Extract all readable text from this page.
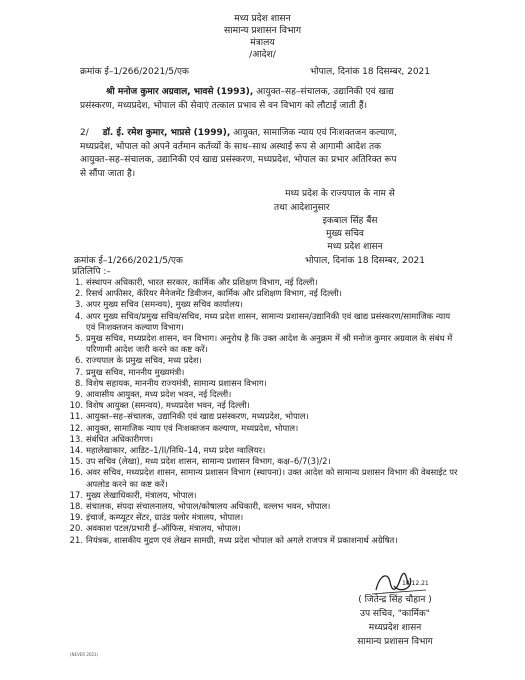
मध्य प्रदेश शासन
सामान्य प्रशासन विभाग
मंत्रालय
/आदेश/
क्रमांक ई–1/266/2021/5/एक	भोपाल, दिनांक 18 दिसम्बर, 2021
श्री मनोज कुमार अग्रवाल, भावसे (1993), आयुक्त–सह–संचालक, उद्यानिकी एवं खाद्य
प्रसंस्करण, मध्यप्रदेश, भोपाल की सेवाएं तत्काल प्रभाव से वन विभाग को लौटाई जाती हैं।
2/ डॉ. ई. रमेश कुमार, भाप्रसे (1999), आयुक्त, सामाजिक न्याय एवं निःशक्तजन कल्याण,
मध्यप्रदेश, भोपाल को अपने वर्तमान कर्तव्यों के साथ–साथ अस्थाई रूप से आगामी आदेश तक
आयुक्त–सह–संचालक, उद्यानिकी एवं खाद्य प्रसंस्करण, मध्यप्रदेश, भोपाल का प्रभार अतिरिक्त रूप
से सौंपा जाता है।
मध्य प्रदेश के राज्यपाल के नाम से
तथा आदेशानुसार
इकबाल सिंह बैंस
मुख्य सचिव
मध्य प्रदेश शासन
क्रमांक ई–1/266/2021/5/एक	भोपाल, दिनांक 18 दिसम्बर, 2021
प्रतिलिपि :–
1. संस्थापन अधिकारी, भारत सरकार, कार्मिक और प्रशिक्षण विभाग, नई दिल्ली।
2. रिसर्च आफीसर, कॅरियर मैनेजमेंट डिवीजन, कार्मिक और प्रशिक्षण विभाग, नई दिल्ली।
3. अपर मुख्य सचिव (समन्वय), मुख्य सचिव कार्यालय।
4. अपर मुख्य सचिव/प्रमुख सचिव/सचिव, मध्य प्रदेश शासन, सामान्य प्रशासन/उद्यानिकी एवं खाद्य प्रसंस्करण/सामाजिक न्याय एवं निःशक्तजन कल्याण विभाग।
5. प्रमुख सचिव, मध्यप्रदेश शासन, वन विभाग। अनुरोध है कि उक्त आदेश के अनुक्रम में श्री मनोज कुमार अग्रवाल के संबंध में परिणामी आदेश जारी करने का कष्ट करें।
6. राज्यपाल के प्रमुख सचिव, मध्य प्रदेश।
7. प्रमुख सचिव, माननीय मुख्यमंत्री।
8. विशेष सहायक, माननीय राज्यमंत्री, सामान्य प्रशासन विभाग।
9. आवासीय आयुक्त, मध्य प्रदेश भवन, नई दिल्ली।
10. विशेष आयुक्त (समन्वय), मध्यप्रदेश भवन, नई दिल्ली।
11. आयुक्त–सह–संचालक, उद्यानिकी एवं खाद्य प्रसंस्करण, मध्यप्रदेश, भोपाल।
12. आयुक्त, सामाजिक न्याय एवं निःशक्तजन कल्याण, मध्यप्रदेश, भोपाल।
13. संबंधित अधिकारीगण।
14. महालेखाकार, आडिट–1/II/निधि–14, मध्य प्रदेश ग्वालियर।
15. उप सचिव (लेखा), मध्य प्रदेश शासन, सामान्य प्रशासन विभाग, कक्ष–6/7(3)/2।
16. अवर सचिव, मध्यप्रदेश शासन, सामान्य प्रशासन विभाग (स्थापना)। उक्त आदेश को सामान्य प्रशासन विभाग की वेबसाईट पर अपलोड करने का कष्ट करें।
17. मुख्य लेखाधिकारी, मंत्रालय, भोपाल।
18. संचालक, संपदा संचालनालय, भोपाल/कोषालय अधिकारी, वल्लभ भवन, भोपाल।
19. इंचार्ज, कम्प्यूटर सेंटर, ग्राउंड फ्लोर मंत्रालय, भोपाल।
20. अवकाश पटल/प्रभारी ई–ऑफिस, मंत्रालय, भोपाल।
21. नियंत्रक, शासकीय मुद्रण एवं लेखन सामग्री, मध्य प्रदेश भोपाल को अगले राजपत्र में प्रकाशनार्थ अग्रेषित।
18.12.21
( जितेन्द्र सिंह चौहान )
उप सचिव, "कार्मिक"
मध्यप्रदेश शासन
सामान्य प्रशासन विभाग
(NEVER 2021)
